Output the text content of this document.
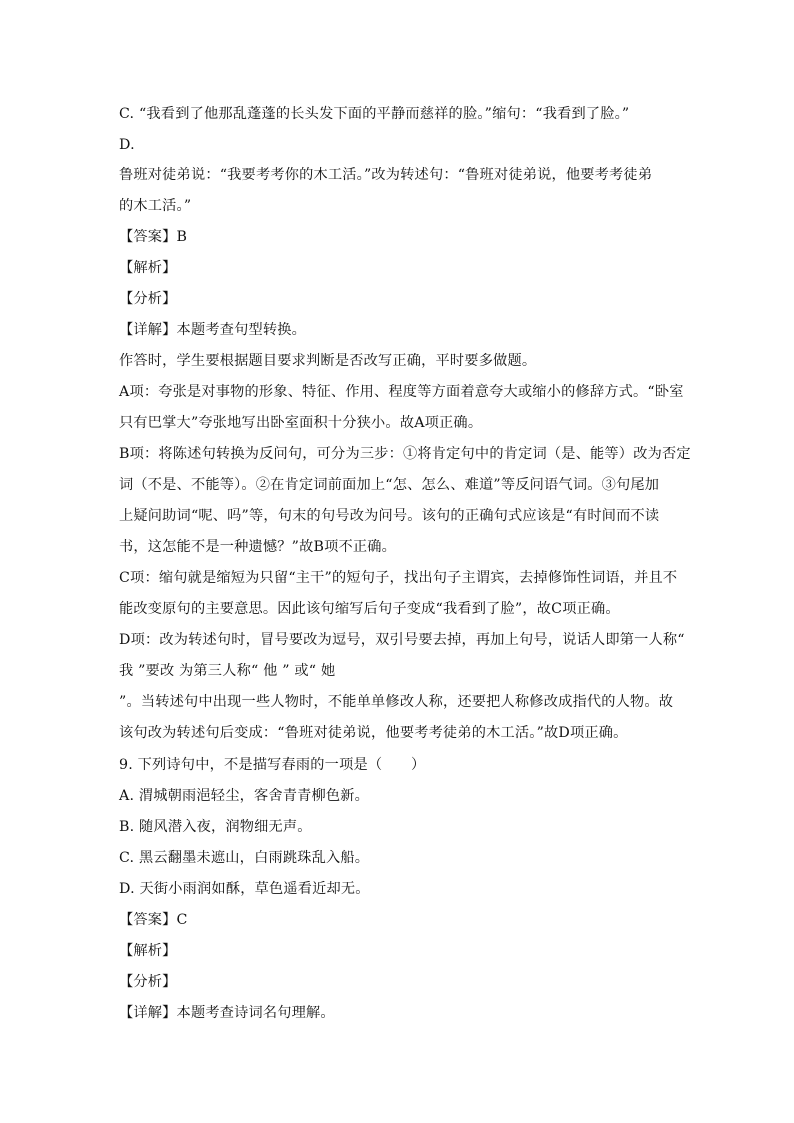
C. “我看到了他那乱蓬蓬的长头发下面的平静而慈祥的脸。”缩句：“我看到了脸。”
D.
鲁班对徒弟说：“我要考考你的木工活。”改为转述句：“鲁班对徒弟说，他要考考徒弟
的木工活。”
【答案】B
【解析】
【分析】
【详解】本题考查句型转换。
作答时，学生要根据题目要求判断是否改写正确，平时要多做题。
A项：夸张是对事物的形象、特征、作用、程度等方面着意夸大或缩小的修辞方式。“卧室
只有巴掌大”夸张地写出卧室面积十分狭小。故A项正确。
B项：将陈述句转换为反问句，可分为三步：①将肯定句中的肯定词（是、能等）改为否定
词（不是、不能等）。②在肯定词前面加上“怎、怎么、难道”等反问语气词。③句尾加
上疑问助词“呢、吗”等，句末的句号改为问号。该句的正确句式应该是“有时间而不读
书，这怎能不是一种遗憾？”故B项不正确。
C项：缩句就是缩短为只留“主干”的短句子，找出句子主谓宾，去掉修饰性词语，并且不
能改变原句的主要意思。因此该句缩写后句子变成“我看到了脸”，故C项正确。
D项：改为转述句时，冒号要改为逗号，双引号要去掉，再加上句号，说话人即第一人称“
我 ”要改 为第三人称“ 他 ” 或“ 她
”。当转述句中出现一些人物时，不能单单修改人称，还要把人称修改成指代的人物。故
该句改为转述句后变成：“鲁班对徒弟说，他要考考徒弟的木工活。”故D项正确。
9. 下列诗句中，不是描写春雨的一项是（　　）
A. 渭城朝雨浥轻尘，客舍青青柳色新。
B. 随风潜入夜，润物细无声。
C. 黑云翻墨未遮山，白雨跳珠乱入船。
D. 天街小雨润如酥，草色遥看近却无。
【答案】C
【解析】
【分析】
【详解】本题考查诗词名句理解。
